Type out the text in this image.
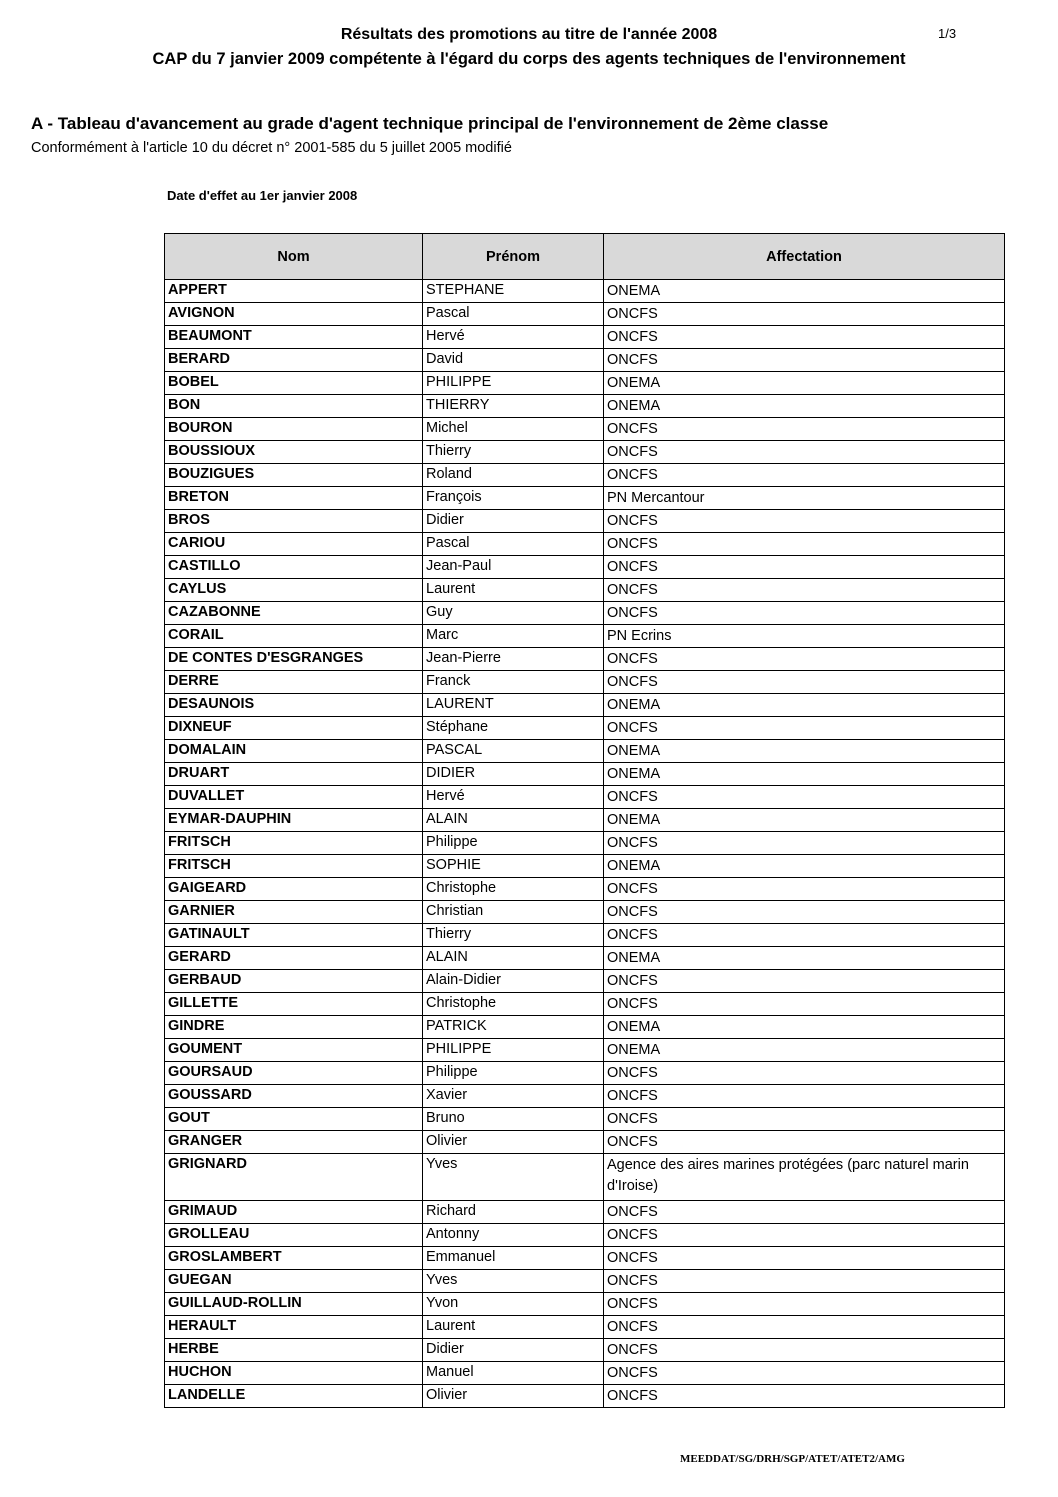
Résultats des promotions au titre de l'année 2008
CAP du 7 janvier 2009 compétente à l'égard du corps des agents techniques de l'environnement
1/3
A - Tableau d'avancement au grade d'agent technique principal de l'environnement de 2ème classe
Conformément à l'article 10 du décret n° 2001-585 du 5 juillet 2005 modifié
Date d'effet au 1er janvier 2008
Nom	Prénom	Affectation
APPERT	STEPHANE	ONEMA
AVIGNON	Pascal	ONCFS
BEAUMONT	Hervé	ONCFS
BERARD	David	ONCFS
BOBEL	PHILIPPE	ONEMA
BON	THIERRY	ONEMA
BOURON	Michel	ONCFS
BOUSSIOUX	Thierry	ONCFS
BOUZIGUES	Roland	ONCFS
BRETON	François	PN Mercantour
BROS	Didier	ONCFS
CARIOU	Pascal	ONCFS
CASTILLO	Jean-Paul	ONCFS
CAYLUS	Laurent	ONCFS
CAZABONNE	Guy	ONCFS
CORAIL	Marc	PN Ecrins
DE CONTES D'ESGRANGES	Jean-Pierre	ONCFS
DERRE	Franck	ONCFS
DESAUNOIS	LAURENT	ONEMA
DIXNEUF	Stéphane	ONCFS
DOMALAIN	PASCAL	ONEMA
DRUART	DIDIER	ONEMA
DUVALLET	Hervé	ONCFS
EYMAR-DAUPHIN	ALAIN	ONEMA
FRITSCH	Philippe	ONCFS
FRITSCH	SOPHIE	ONEMA
GAIGEARD	Christophe	ONCFS
GARNIER	Christian	ONCFS
GATINAULT	Thierry	ONCFS
GERARD	ALAIN	ONEMA
GERBAUD	Alain-Didier	ONCFS
GILLETTE	Christophe	ONCFS
GINDRE	PATRICK	ONEMA
GOUMENT	PHILIPPE	ONEMA
GOURSAUD	Philippe	ONCFS
GOUSSARD	Xavier	ONCFS
GOUT	Bruno	ONCFS
GRANGER	Olivier	ONCFS
GRIGNARD	Yves	Agence des aires marines protégées (parc naturel marin d'Iroise)
GRIMAUD	Richard	ONCFS
GROLLEAU	Antonny	ONCFS
GROSLAMBERT	Emmanuel	ONCFS
GUEGAN	Yves	ONCFS
GUILLAUD-ROLLIN	Yvon	ONCFS
HERAULT	Laurent	ONCFS
HERBE	Didier	ONCFS
HUCHON	Manuel	ONCFS
LANDELLE	Olivier	ONCFS
MEEDDAT/SG/DRH/SGP/ATET/ATET2/AMG
